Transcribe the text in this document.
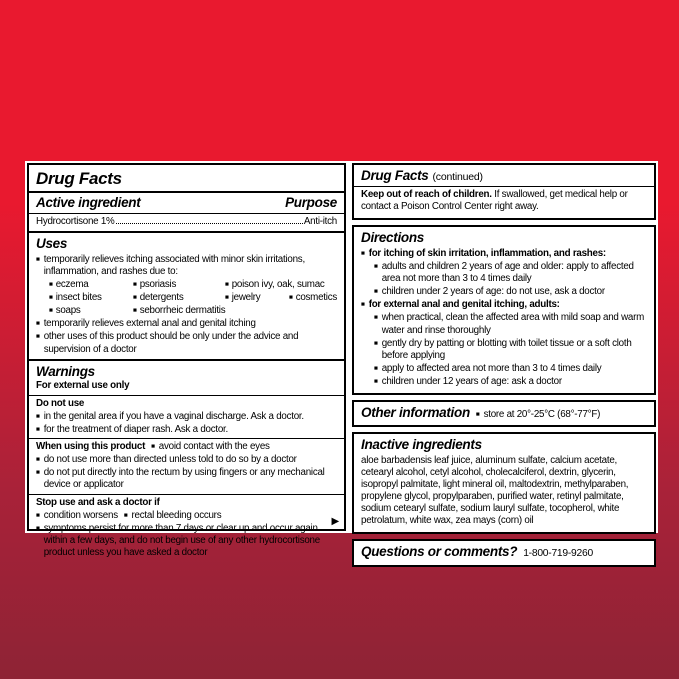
Drug Facts
Active ingredient	Purpose
Hydrocortisone 1%	Anti-itch
Uses
■
temporarily relieves itching associated with minor skin irritations, inflammation, and rashes due to:
■
eczema ■	psoriasis ■	poison ivy, oak, sumac
■
insect bites ■	detergents ■	jewelry ■	cosmetics
■
soaps ■	seborrheic dermatitis
■
temporarily relieves external anal and genital itching
■
other uses of this product should be only under the advice and supervision of a doctor
Warnings
For external use only
Do not use
■
in the genital area if you have a vaginal discharge. Ask a doctor.
■
for the treatment of diaper rash. Ask a doctor.
When using this product ■ avoid contact with the eyes
■
do not use more than directed unless told to do so by a doctor
■
do not put directly into the rectum by using fingers or any mechanical device or applicator
Stop use and ask a doctor if
■
condition worsens ■ rectal bleeding occurs
■
symptoms persist for more than 7 days or clear up and occur again within a few days, and do not begin use of any other hydrocortisone product unless you have asked a doctor
▶
Drug Facts (continued)

Keep out of reach of children. If swallowed, get medical help or contact a Poison Control Center right away.

Directions
■
for itching of skin irritation, inflammation, and rashes:
■
adults and children 2 years of age and older: apply to affected area not more than 3 to 4 times daily
■
children under 2 years of age: do not use, ask a doctor
■
for external anal and genital itching, adults:
■
when practical, clean the affected area with mild soap and warm water and rinse thoroughly
■
gently dry by patting or blotting with toilet tissue or a soft cloth before applying
■
apply to affected area not more than 3 to 4 times daily
■
children under 12 years of age: ask a doctor
Other information ■ store at 20°-25°C (68°-77°F)
Inactive ingredients

aloe barbadensis leaf juice, aluminum sulfate, calcium acetate, cetearyl alcohol, cetyl alcohol, cholecalciferol, dextrin, glycerin, isopropyl palmitate, light mineral oil, maltodextrin, methylparaben, propylene glycol, propylparaben, purified water, retinyl palmitate, sodium cetearyl sulfate, sodium lauryl sulfate, tocopherol, white petrolatum, white wax, zea mays (corn) oil

Questions or comments? 1-800-719-9260
